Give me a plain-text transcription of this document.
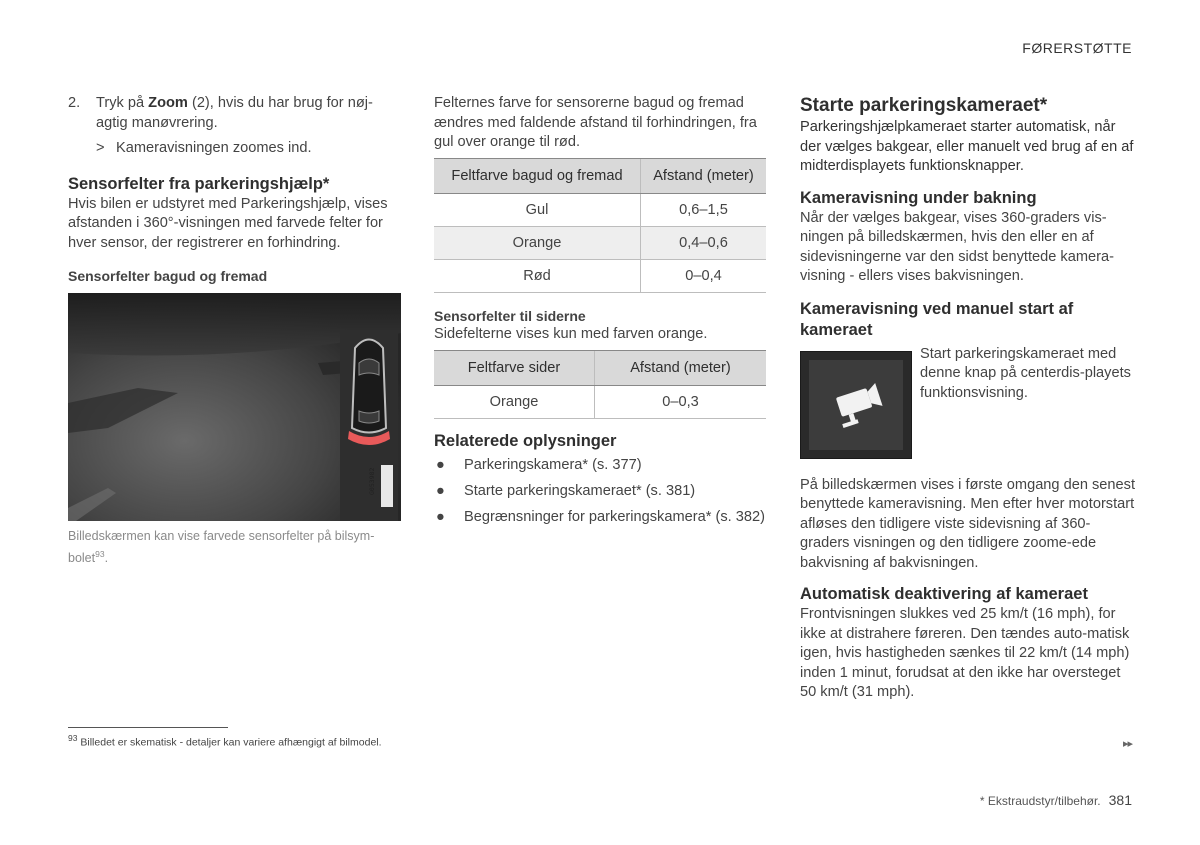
FØRERSTØTTE
2.	Tryk på Zoom (2), hvis du har brug for nøj-agtig manøvrering.
> Kameravisningen zoomes ind.
Sensorfelter fra parkeringshjælp*

Hvis bilen er udstyret med Parkeringshjælp, vises afstanden i 360°-visningen med farvede felter for hver sensor, der registrerer en forhindring.

Sensorfelter bagud og fremad
Billedskærmen kan vise farvede sensorfelter på bilsym-bolet$^{93}$.

Felternes farve for sensorerne bagud og fremad ændres med faldende afstand til forhindringen, fra gul over orange til rød.

Feltfarve bagud og fremad	Afstand (meter)
Gul	0,6–1,5
Orange	0,4–0,6
Rød	0–0,4
Sensorfelter til siderne

Sidefelterne vises kun med farven orange.

Feltfarve sider	Afstand (meter)
Orange	0–0,3
Relaterede oplysninger
●	Parkeringskamera* (s. 377)
●	Starte parkeringskameraet* (s. 381)
●	Begrænsninger for parkeringskamera* (s. 382)
Starte parkeringskameraet*

Parkeringshjælpkameraet starter automatisk, når der vælges bakgear, eller manuelt ved brug af en af midterdisplayets funktionsknapper.

Kameravisning under bakning

Når der vælges bakgear, vises 360-graders vis-ningen på billedskærmen, hvis den eller en af sidevisningerne var den sidst benyttede kamera-visning - ellers vises bakvisningen.

Kameravisning ved manuel start af kameraet

Start parkeringskameraet med denne knap på centerdis-playets funktionsvisning.

På billedskærmen vises i første omgang den senest benyttede kameravisning. Men efter hver motorstart afløses den tidligere viste sidevisning af 360-graders visningen og den tidligere zoome-ede bakvisning af bakvisningen.

Automatisk deaktivering af kameraet

Frontvisningen slukkes ved 25 km/t (16 mph), for ikke at distrahere føreren. Den tændes auto-matisk igen, hvis hastigheden sænkes til 22 km/t (14 mph) inden 1 minut, forudsat at den ikke har oversteget 50 km/t (31 mph).

$^{93}$ Billedet er skematisk - detaljer kan variere afhængigt af bilmodel.	▸▸
* Ekstraudstyr/tilbehør. 381
